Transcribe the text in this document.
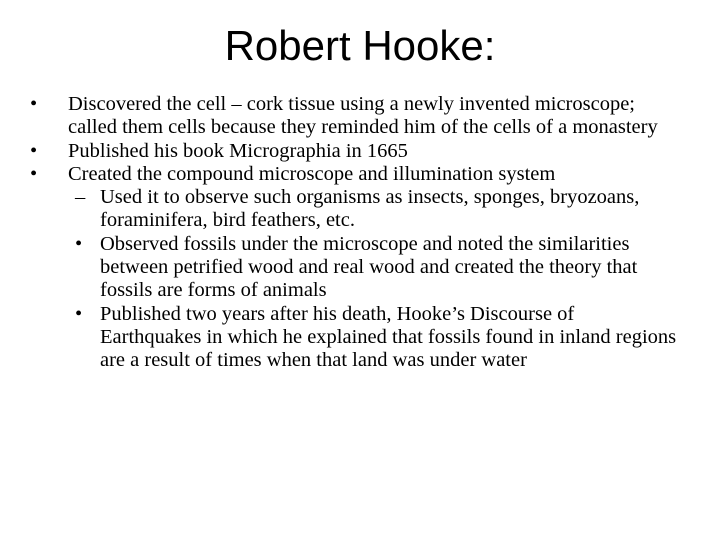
Robert Hooke:
• Discovered the cell – cork tissue using a newly invented microscope; called them cells because they reminded him of the cells of a monastery
• Published his book Micrographia in 1665
• Created the compound microscope and illumination system
– Used it to observe such organisms as insects, sponges, bryozoans, foraminifera, bird feathers, etc.
• Observed fossils under the microscope and noted the similarities between petrified wood and real wood and created the theory that fossils are forms of animals
• Published two years after his death, Hooke’s Discourse of Earthquakes in which he explained that fossils found in inland regions are a result of times when that land was under water
